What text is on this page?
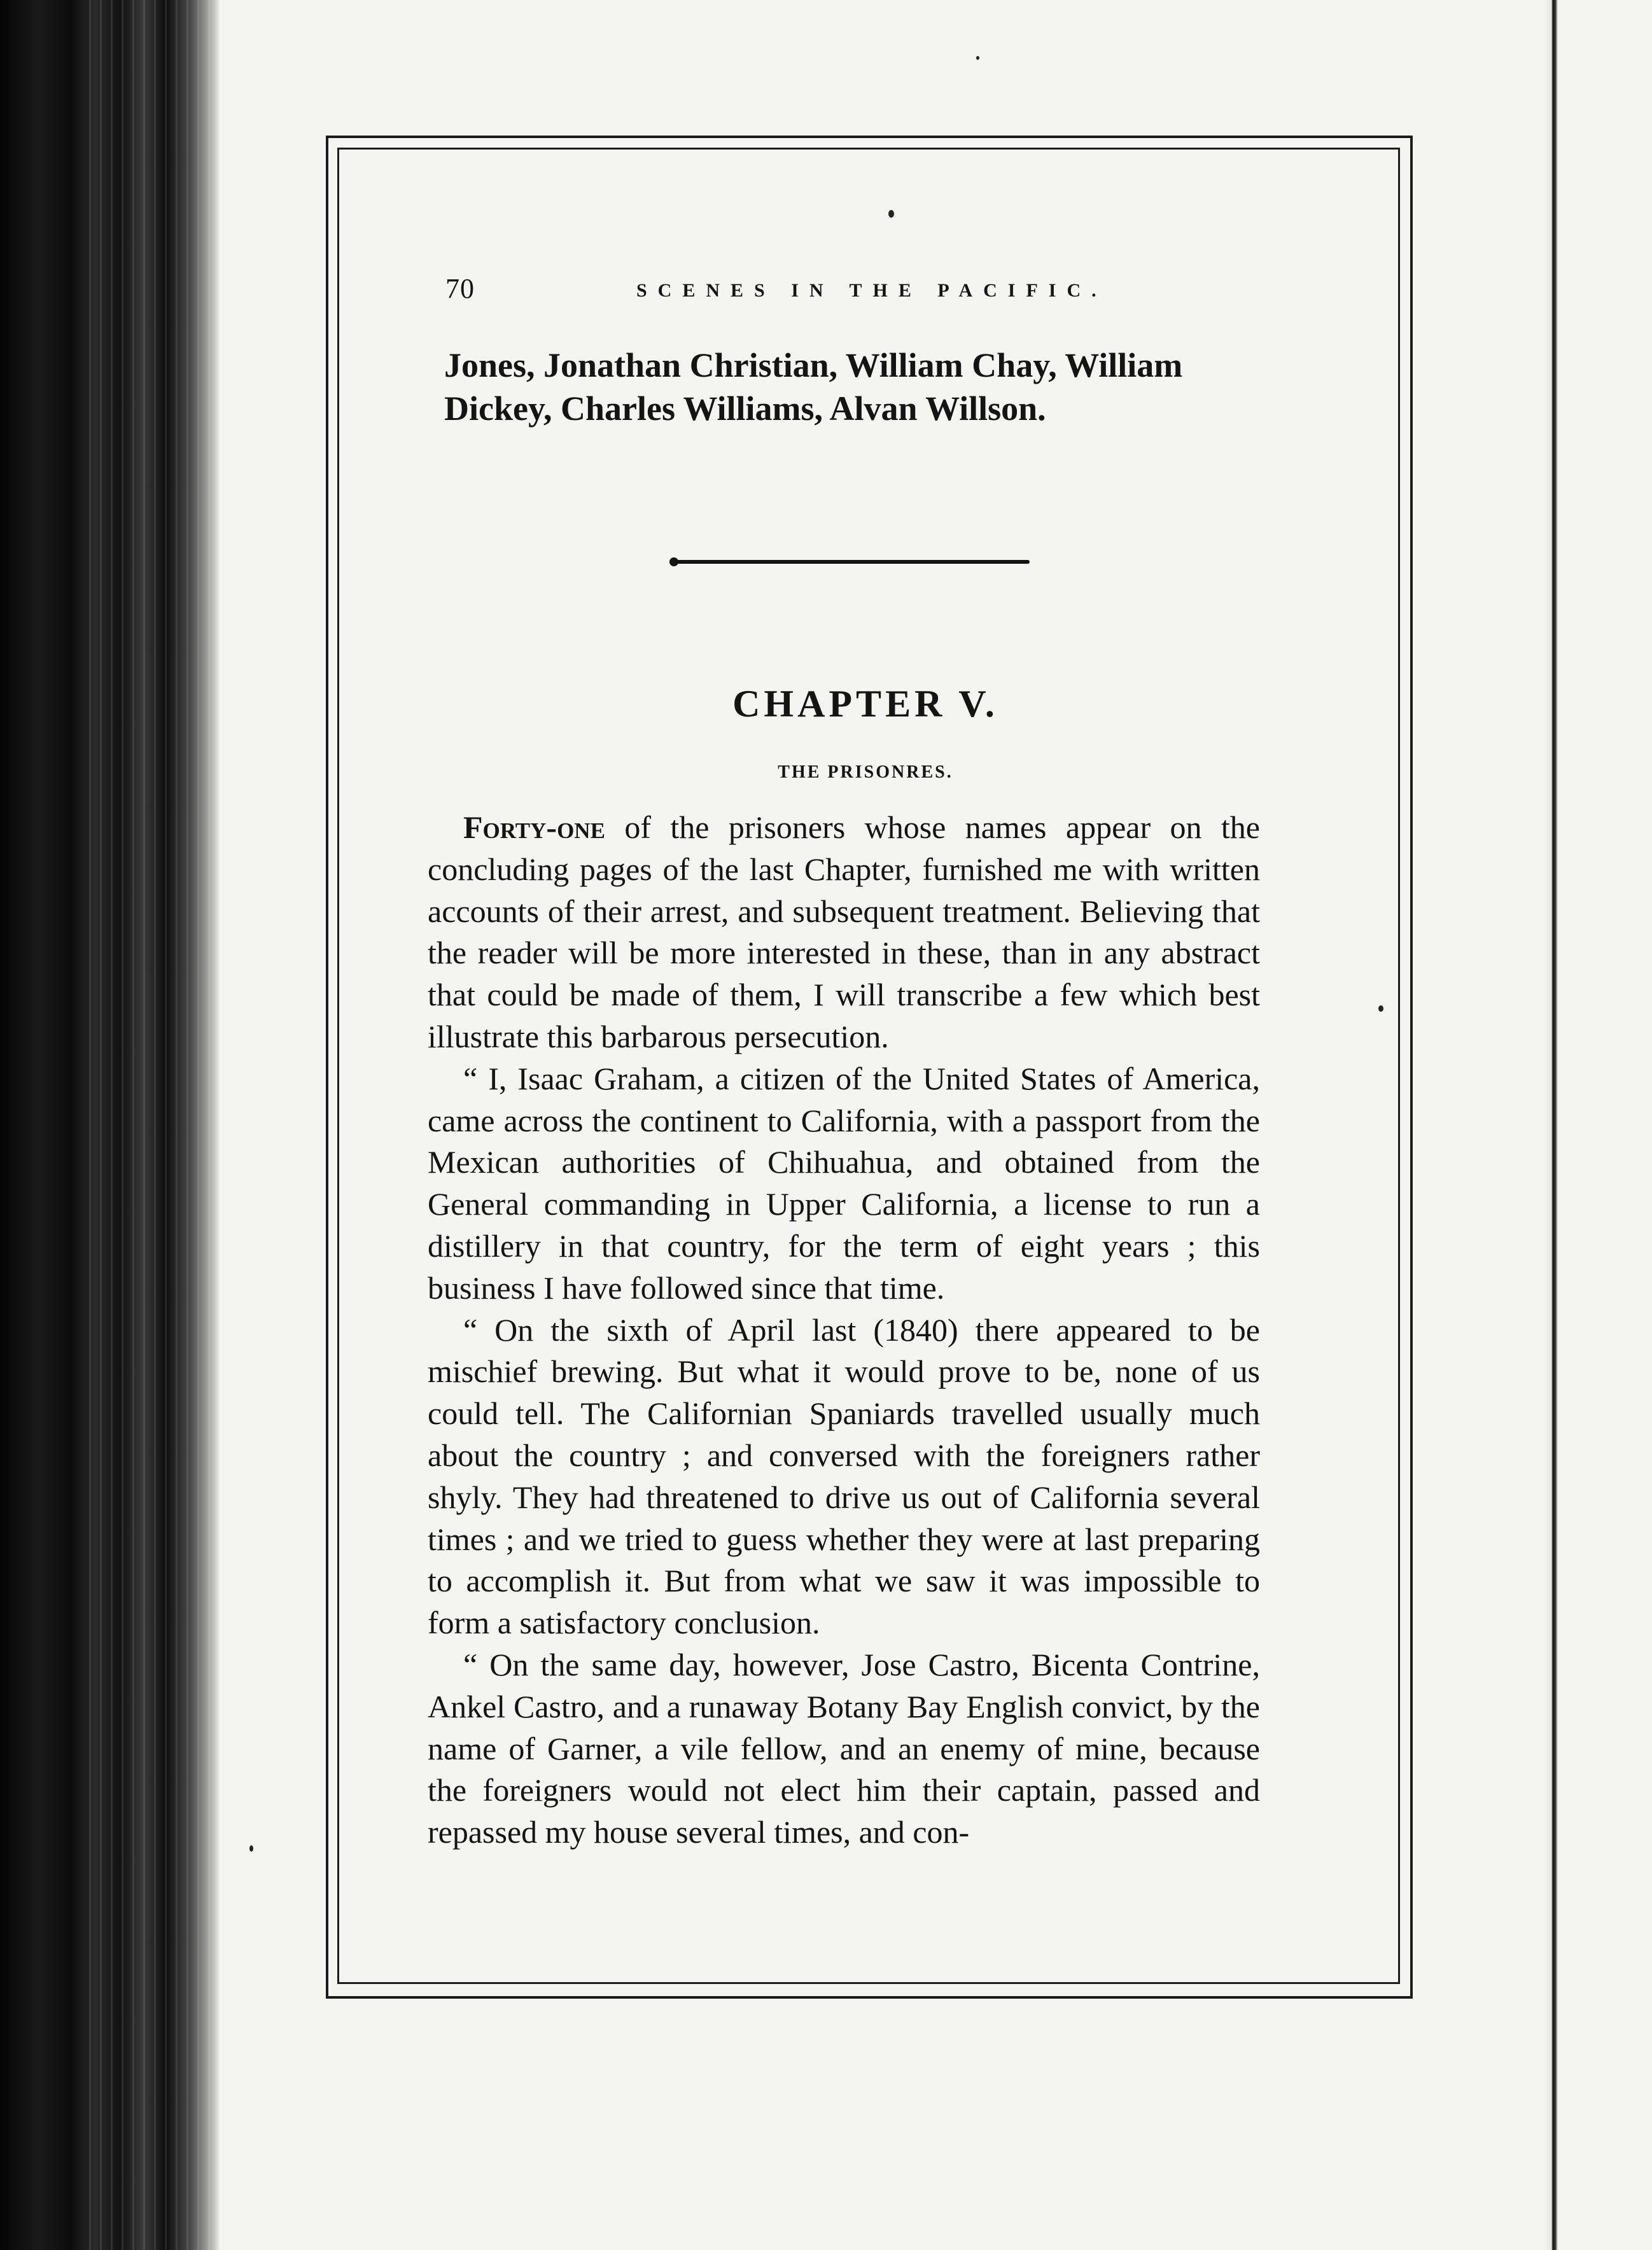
70	SCENES IN THE PACIFIC.
Jones, Jonathan Christian, William Chay, William Dickey, Charles Williams, Alvan Willson.
CHAPTER V.
THE PRISONRES.

Forty-one of the prisoners whose names appear on the concluding pages of the last Chapter, furnished me with written accounts of their arrest, and subsequent treatment. Believing that the reader will be more interested in these, than in any abstract that could be made of them, I will transcribe a few which best illustrate this barbarous persecution.

“ I, Isaac Graham, a citizen of the United States of America, came across the continent to California, with a passport from the Mexican authorities of Chihuahua, and obtained from the General commanding in Upper California, a license to run a distillery in that country, for the term of eight years ; this business I have followed since that time.

“ On the sixth of April last (1840) there appeared to be mischief brewing. But what it would prove to be, none of us could tell. The Californian Spaniards travelled usually much about the country ; and conversed with the foreigners rather shyly. They had threatened to drive us out of California several times ; and we tried to guess whether they were at last preparing to accomplish it. But from what we saw it was impossible to form a satisfactory conclusion.

“ On the same day, however, Jose Castro, Bicenta Contrine, Ankel Castro, and a runaway Botany Bay English convict, by the name of Garner, a vile fellow, and an enemy of mine, because the foreigners would not elect him their captain, passed and repassed my house several times, and con-
